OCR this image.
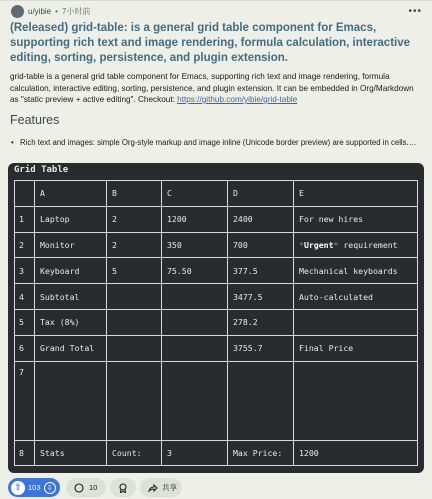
u/yibie • 7小时前	•••
(Released) grid-table: is a general grid table component for Emacs, supporting rich text and image rendering, formula calculation, interactive editing, sorting, persistence, and plugin extension.
grid-table is a general grid table component for Emacs, supporting rich text and image rendering, formula calculation, interactive editing, sorting, persistence, and plugin extension. It can be embedded in Org/Markdown as "static preview + active editing". Checkout: https://github.com/yibie/grid-table
Features
• Rich text and images: simple Org-style markup and image inline (Unicode border preview) are supported in cells.…
Grid Table
	A	B	C	D	E
1	Laptop	2	1200	2400	For new hires
2	Monitor	2	350	700	*Urgent* requirement
3	Keyboard	5	75.50	377.5	Mechanical keyboards
4	Subtotal			3477.5	Auto-calculated
5	Tax (8%)			278.2	
6	Grand Total			3755.7	Final Price
7					
8	Stats	Count:	3	Max Price:	1200
⇧ 103 ⇩	10	共享
